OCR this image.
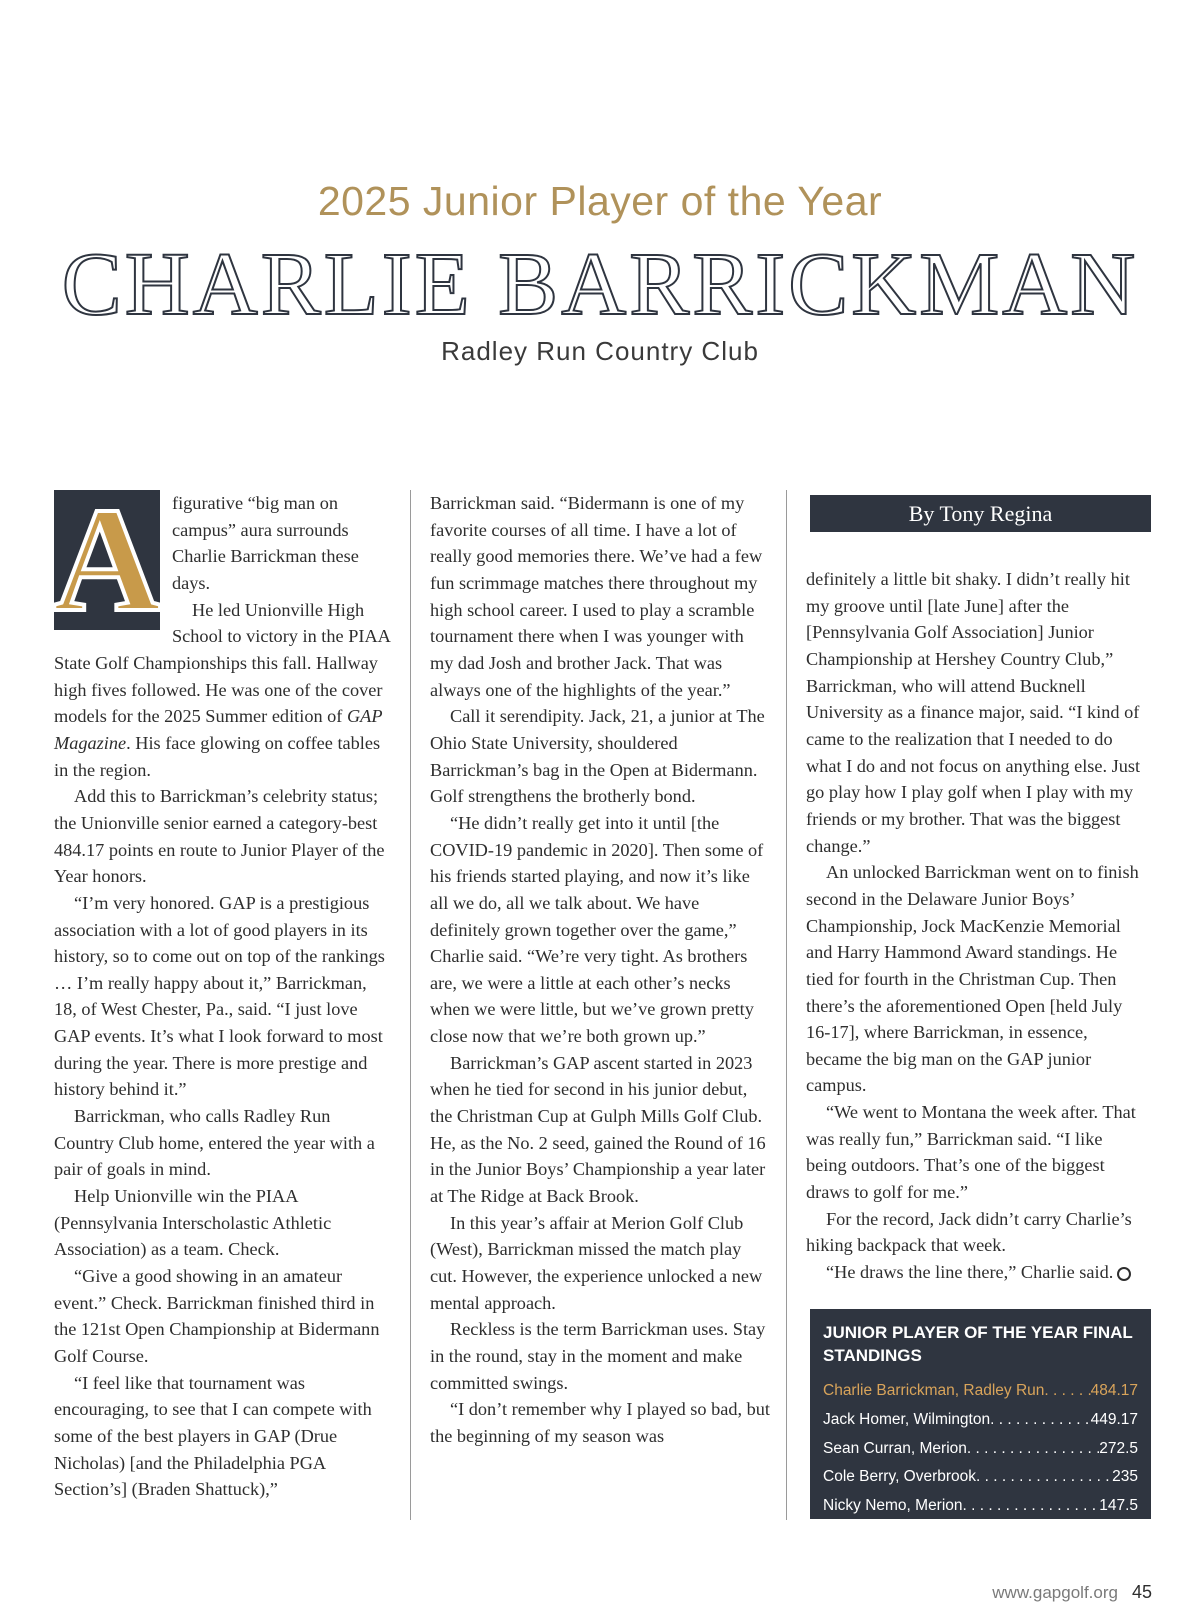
2025 Junior Player of the Year
CHARLIE BARRICKMAN
Radley Run Country Club
A figurative “big man on campus” aura surrounds Charlie Barrickman these days.

He led Unionville High School to victory in the PIAA State Golf Championships this fall. Hallway high fives followed. He was one of the cover models for the 2025 Summer edition of GAP Magazine. His face glowing on coffee tables in the region.

Add this to Barrickman’s celebrity status; the Unionville senior earned a category-best 484.17 points en route to Junior Player of the Year honors.

“I’m very honored. GAP is a prestigious association with a lot of good players in its history, so to come out on top of the rankings … I’m really happy about it,” Barrickman, 18, of West Chester, Pa., said. “I just love GAP events. It’s what I look forward to most during the year. There is more prestige and history behind it.”

Barrickman, who calls Radley Run Country Club home, entered the year with a pair of goals in mind.

Help Unionville win the PIAA (Pennsylvania Interscholastic Athletic Association) as a team. Check.

“Give a good showing in an amateur event.” Check. Barrickman finished third in the 121st Open Championship at Bidermann Golf Course.

“I feel like that tournament was encouraging, to see that I can compete with some of the best players in GAP (Drue Nicholas) [and the Philadelphia PGA Section’s] (Braden Shattuck),”

Barrickman said. “Bidermann is one of my favorite courses of all time. I have a lot of really good memories there. We’ve had a few fun scrimmage matches there throughout my high school career. I used to play a scramble tournament there when I was younger with my dad Josh and brother Jack. That was always one of the highlights of the year.”

Call it serendipity. Jack, 21, a junior at The Ohio State University, shouldered Barrickman’s bag in the Open at Bidermann. Golf strengthens the brotherly bond.

“He didn’t really get into it until [the COVID-19 pandemic in 2020]. Then some of his friends started playing, and now it’s like all we do, all we talk about. We have definitely grown together over the game,” Charlie said. “We’re very tight. As brothers are, we were a little at each other’s necks when we were little, but we’ve grown pretty close now that we’re both grown up.”

Barrickman’s GAP ascent started in 2023 when he tied for second in his junior debut, the Christman Cup at Gulph Mills Golf Club. He, as the No. 2 seed, gained the Round of 16 in the Junior Boys’ Championship a year later at The Ridge at Back Brook.

In this year’s affair at Merion Golf Club (West), Barrickman missed the match play cut. However, the experience unlocked a new mental approach.

Reckless is the term Barrickman uses. Stay in the round, stay in the moment and make committed swings.

“I don’t remember why I played so bad, but the beginning of my season was

By Tony Regina

definitely a little bit shaky. I didn’t really hit my groove until [late June] after the [Pennsylvania Golf Association] Junior Championship at Hershey Country Club,” Barrickman, who will attend Bucknell University as a finance major, said. “I kind of came to the realization that I needed to do what I do and not focus on anything else. Just go play how I play golf when I play with my friends or my brother. That was the biggest change.”

An unlocked Barrickman went on to finish second in the Delaware Junior Boys’ Championship, Jock MacKenzie Memorial and Harry Hammond Award standings. He tied for fourth in the Christman Cup. Then there’s the aforementioned Open [held July 16-17], where Barrickman, in essence, became the big man on the GAP junior campus.

“We went to Montana the week after. That was really fun,” Barrickman said. “I like being outdoors. That’s one of the biggest draws to golf for me.”

For the record, Jack didn’t carry Charlie’s hiking backpack that week.

“He draws the line there,” Charlie said.

JUNIOR PLAYER OF THE YEAR FINAL STANDINGS
Charlie Barrickman, Radley Run . . .	484.17
Jack Homer, Wilmington . . .	449.17
Sean Curran, Merion . . .	272.5
Cole Berry, Overbrook . . .	235
Nicky Nemo, Merion . . .	147.5
www.gapgolf.org 45
